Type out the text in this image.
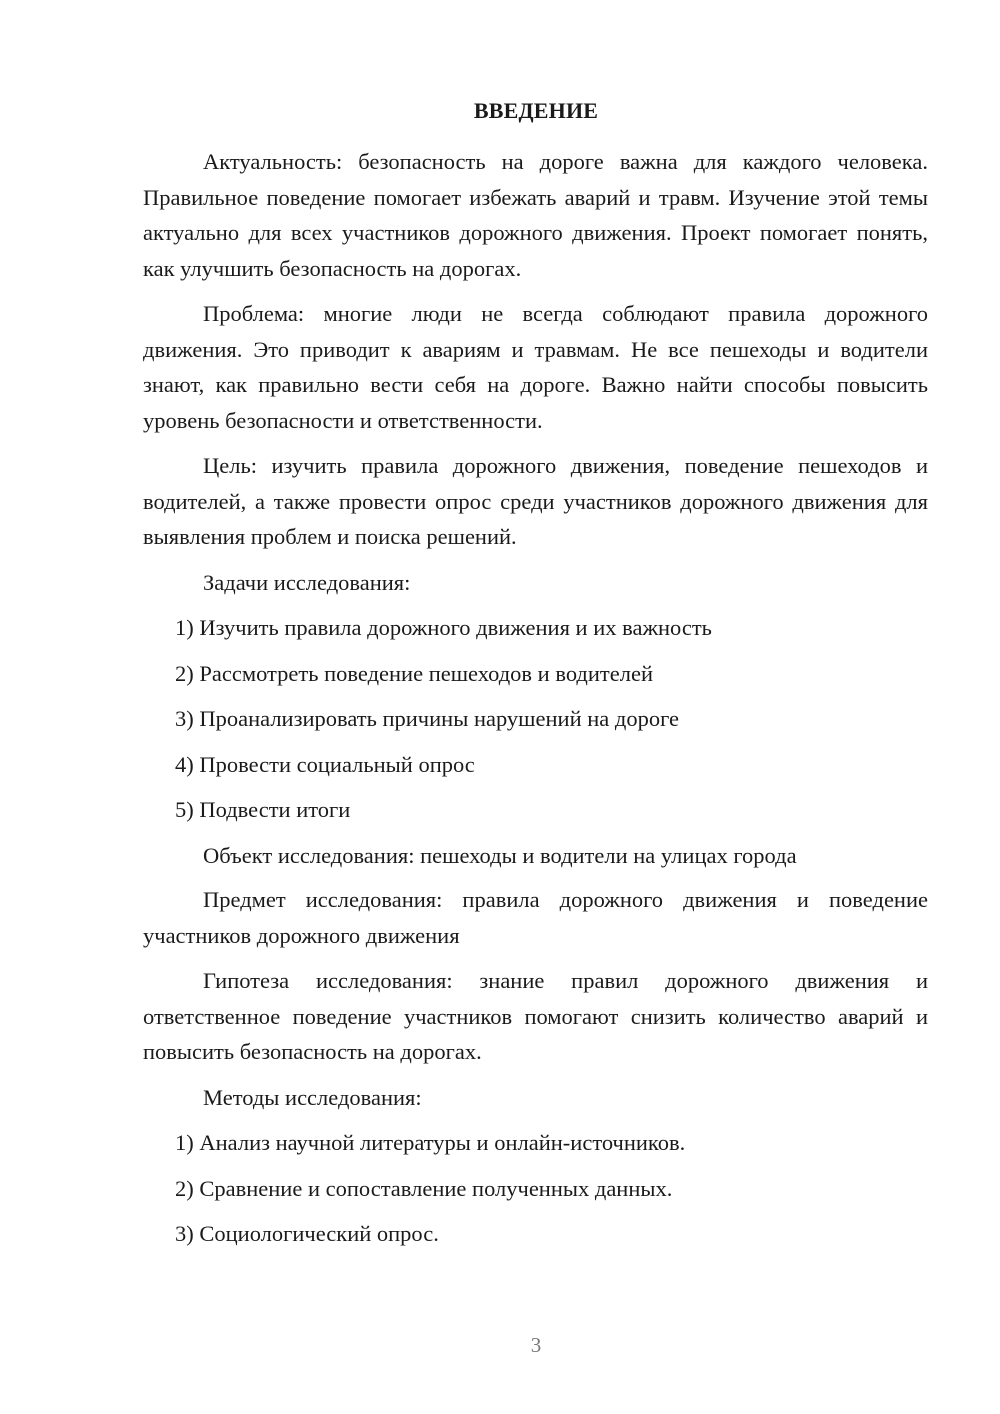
ВВЕДЕНИЕ

Актуальность: безопасность на дороге важна для каждого человека. Правильное поведение помогает избежать аварий и травм. Изучение этой темы актуально для всех участников дорожного движения. Проект помогает понять, как улучшить безопасность на дорогах.

Проблема: многие люди не всегда соблюдают правила дорожного движения. Это приводит к авариям и травмам. Не все пешеходы и водители знают, как правильно вести себя на дороге. Важно найти способы повысить уровень безопасности и ответственности.

Цель: изучить правила дорожного движения, поведение пешеходов и водителей, а также провести опрос среди участников дорожного движения для выявления проблем и поиска решений.

Задачи исследования:

1) Изучить правила дорожного движения и их важность

2) Рассмотреть поведение пешеходов и водителей

3) Проанализировать причины нарушений на дороге

4) Провести социальный опрос

5) Подвести итоги

Объект исследования: пешеходы и водители на улицах города

Предмет исследования: правила дорожного движения и поведение участников дорожного движения

Гипотеза исследования: знание правил дорожного движения и ответственное поведение участников помогают снизить количество аварий и повысить безопасность на дорогах.

Методы исследования:

1) Анализ научной литературы и онлайн-источников.

2) Сравнение и сопоставление полученных данных.

3) Социологический опрос.

3
